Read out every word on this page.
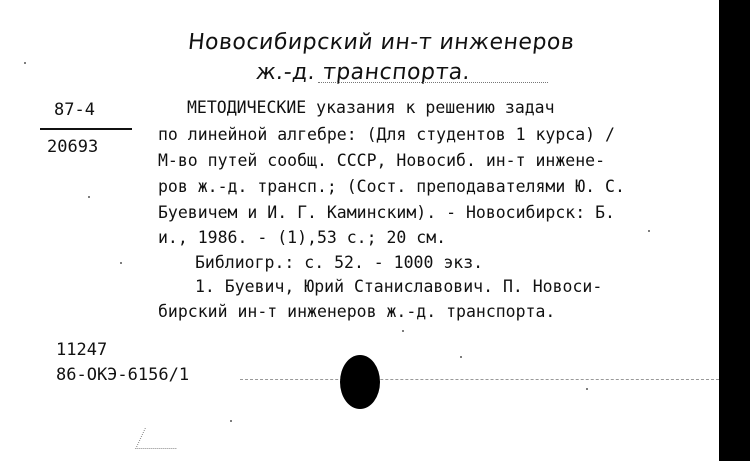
Новосибирский ин-т инженеров
ж.-д. транспорта.
87-4
20693
МЕТОДИЧЕСКИЕ указания к решению задач
по линейной алгебре: (Для студентов 1 курса) /
М-во путей сообщ. СССР, Новосиб. ин-т инжене-
ров ж.-д. трансп.; (Сост. преподавателями Ю. С.
Буевичем и И. Г. Каминским). - Новосибирск: Б.
и., 1986. - (1),53 с.; 20 см.
Библиогр.: с. 52. - 1000 экз.
1. Буевич, Юрий Станиславович. П. Новоси-
бирский ин-т инженеров ж.-д. транспорта.
11247
86-ОКЭ-6156/1
